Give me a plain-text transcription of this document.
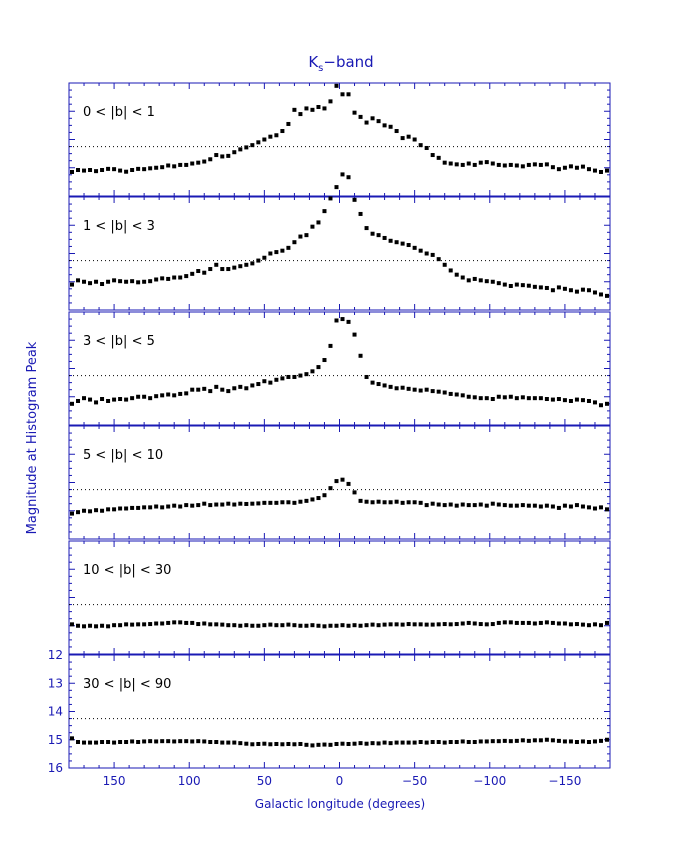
$K_s-band$
0 < |b| < 1
1 < |b| < 3
3 < |b| < 5
5 < |b| < 10
10 < |b| < 30
30 < |b| < 90
12
13
14
15
16
150	100	50	0	−50	−100	−150
Galactic longitude (degrees)
Magnitude at Histogram Peak
